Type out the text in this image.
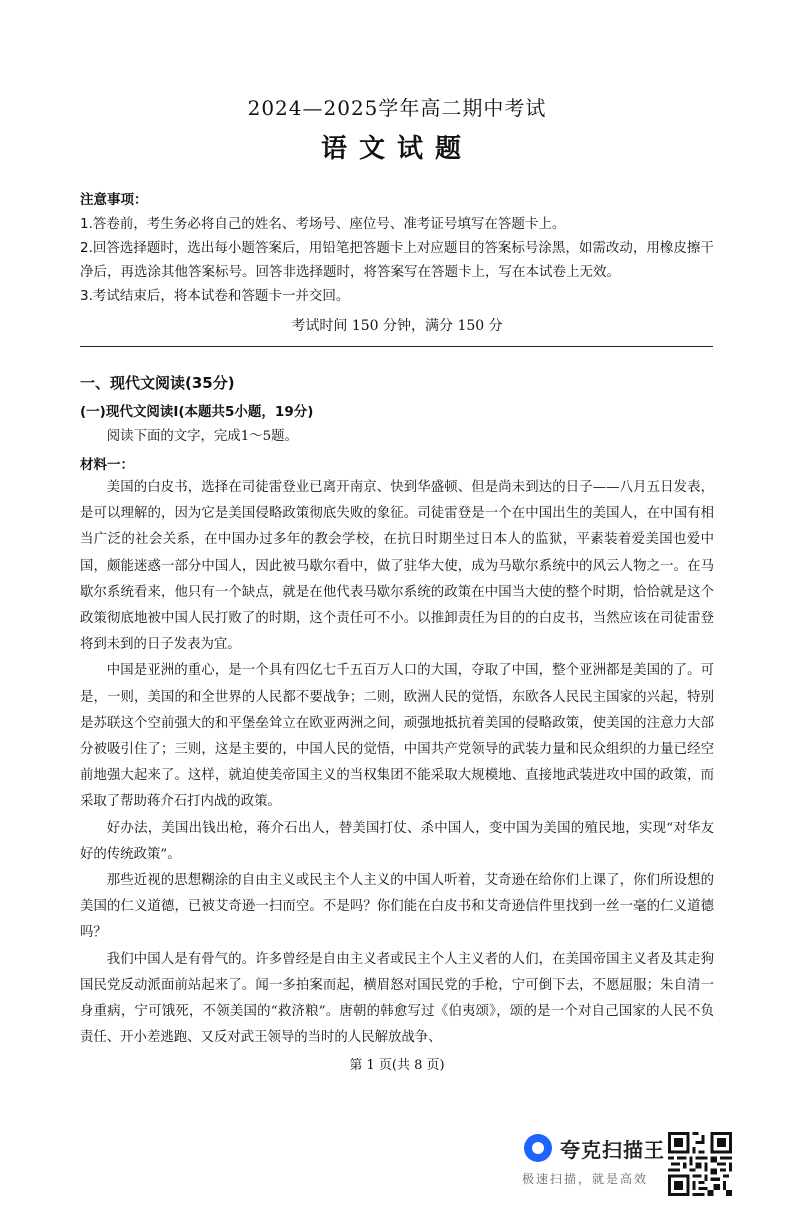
2024—2025学年高二期中考试
语文试题
注意事项：
1.答卷前，考生务必将自己的姓名、考场号、座位号、准考证号填写在答题卡上。
2.回答选择题时，选出每小题答案后，用铅笔把答题卡上对应题目的答案标号涂黑，如需改动，用橡皮擦干净后，再选涂其他答案标号。回答非选择题时，将答案写在答题卡上，写在本试卷上无效。
3.考试结束后，将本试卷和答题卡一并交回。
考试时间 150 分钟，满分 150 分
一、现代文阅读(35分)
(一)现代文阅读Ⅰ(本题共5小题，19分)

阅读下面的文字，完成1～5题。

材料一：

美国的白皮书，选择在司徒雷登业已离开南京、快到华盛顿、但是尚未到达的日子——八月五日发表，是可以理解的，因为它是美国侵略政策彻底失败的象征。司徒雷登是一个在中国出生的美国人，在中国有相当广泛的社会关系，在中国办过多年的教会学校，在抗日时期坐过日本人的监狱，平素装着爱美国也爱中国，颇能迷惑一部分中国人，因此被马歇尔看中，做了驻华大使，成为马歇尔系统中的风云人物之一。在马歇尔系统看来，他只有一个缺点，就是在他代表马歇尔系统的政策在中国当大使的整个时期，恰恰就是这个政策彻底地被中国人民打败了的时期，这个责任可不小。以推卸责任为目的的白皮书，当然应该在司徒雷登将到未到的日子发表为宜。

中国是亚洲的重心，是一个具有四亿七千五百万人口的大国，夺取了中国，整个亚洲都是美国的了。可是，一则，美国的和全世界的人民都不要战争；二则，欧洲人民的觉悟，东欧各人民民主国家的兴起，特别是苏联这个空前强大的和平堡垒耸立在欧亚两洲之间，顽强地抵抗着美国的侵略政策，使美国的注意力大部分被吸引住了；三则，这是主要的，中国人民的觉悟，中国共产党领导的武装力量和民众组织的力量已经空前地强大起来了。这样，就迫使美帝国主义的当权集团不能采取大规模地、直接地武装进攻中国的政策，而采取了帮助蒋介石打内战的政策。

好办法，美国出钱出枪，蒋介石出人，替美国打仗、杀中国人，变中国为美国的殖民地，实现“对华友好的传统政策”。

那些近视的思想糊涂的自由主义或民主个人主义的中国人听着，艾奇逊在给你们上课了，你们所设想的美国的仁义道德，已被艾奇逊一扫而空。不是吗？你们能在白皮书和艾奇逊信件里找到一丝一毫的仁义道德吗？

我们中国人是有骨气的。许多曾经是自由主义者或民主个人主义者的人们，在美国帝国主义者及其走狗国民党反动派面前站起来了。闻一多拍案而起，横眉怒对国民党的手枪，宁可倒下去，不愿屈服；朱自清一身重病，宁可饿死，不领美国的“救济粮”。唐朝的韩愈写过《伯夷颂》，颂的是一个对自己国家的人民不负责任、开小差逃跑、又反对武王领导的当时的人民解放战争、

第 1 页(共 8 页)
夸克扫描王
极速扫描，就是高效
